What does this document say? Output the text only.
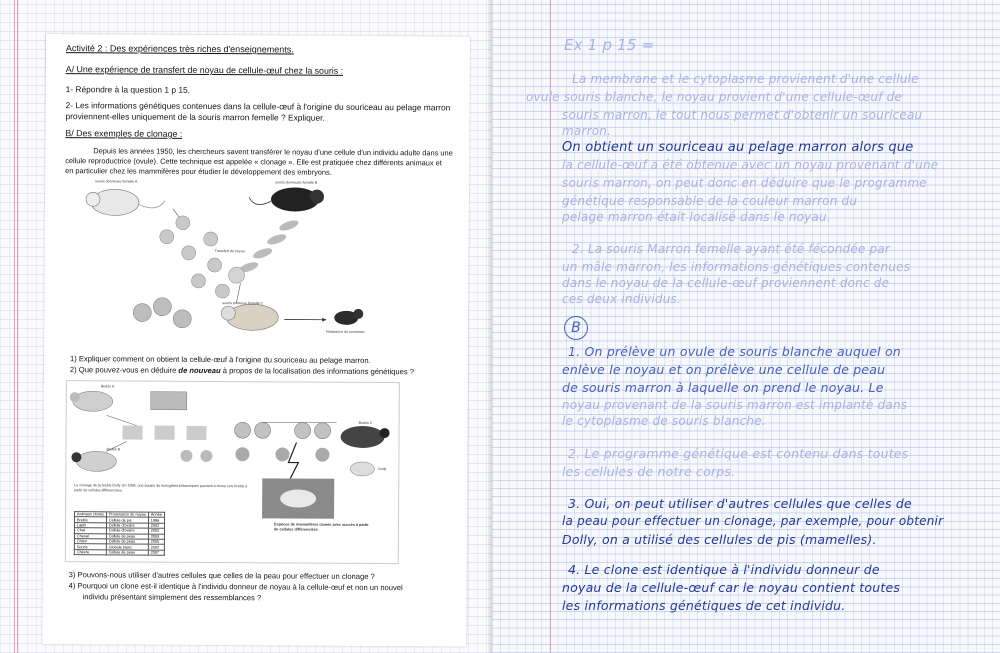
Activité 2 : Des expériences très riches d'enseignements.
A/ Une expérience de transfert de noyau de cellule-œuf chez la souris :
1- Répondre à la question 1 p 15.
2- Les informations génétiques contenues dans la cellule-œuf à l'origine du souriceau au pelage marron
proviennent-elles uniquement de la souris marron femelle ? Expliquer.
B/ Des exemples de clonage :
Depuis les années 1950, les chercheurs savent transférer le noyau d'une cellule d'un individu adulte dans une
cellule reproductrice (ovule). Cette technique est appelée « clonage ». Elle est pratiquée chez différents animaux et
en particulier chez les mammifères pour étudier le développement des embryons.
souris donneuse femelle A	souris donneuse femelle B
souris porteuse femelle C
Transfert du noyau
Naissance du souriceau
1) Expliquer comment on obtient la cellule-œuf à l'origine du souriceau au pelage marron.
2) Que pouvez-vous en déduire de nouveau à propos de la localisation des informations génétiques ?
Brebis A
Brebis B
Brebis C
Dolly
Le clonage de la brebis Dolly. En 1996, une équipe de biologistes britanniques parvient à cloner une brebis à partir de cellules différenciées.
Animaux clonés	Provenance du noyau	Année
Brebis	Cellule de pis	1996
Lapin	Cellule d'ovaire	2002
Chat	Cellule d'ovaire	2002
Cheval	Cellule de peau	2003
Chien	Cellule de peau	2005
Souris	Globule blanc	2002
Chèvre	Cellule de peau	2007
Espèces de mammifères clonés avec succès à partir de cellules différenciées
3) Pouvons-nous utiliser d'autres cellules que celles de la peau pour effectuer un clonage ?
4) Pourquoi un clone est-il identique à l'individu donneur de noyau à la cellule-œuf et non un nouvel
individu présentant simplement des ressemblances ?
Ex 1 p 15 =
La membrane et le cytoplasme provienent d'une cellule
ovule souris blanche, le noyau provient d'une cellule-œuf de
souris marron, le tout nous permet d'obtenir un souriceau
marron.
On obtient un souriceau au pelage marron alors que
la cellule-œuf a été obtenue avec un noyau provenant d'une
souris marron, on peut donc en déduire que le programme
génétique responsable de la couleur marron du
pelage marron était localisé dans le noyau.
2. La souris Marron femelle ayant été fécondée par
un mâle marron, les informations génétiques contenues
dans le noyau de la cellule-œuf proviennent donc de
ces deux individus.
B
1. On prélève un ovule de souris blanche auquel on
enlève le noyau et on prélève une cellule de peau
de souris marron à laquelle on prend le noyau. Le
noyau provenant de la souris marron est implanté dans
le cytoplasme de souris blanche.
2. Le programme génétique est contenu dans toutes
les cellules de notre corps.
3. Oui, on peut utiliser d'autres cellules que celles de
la peau pour effectuer un clonage, par exemple, pour obtenir
Dolly, on a utilisé des cellules de pis (mamelles).
4. Le clone est identique à l'individu donneur de
noyau de la cellule-œuf car le noyau contient toutes
les informations génétiques de cet individu.
